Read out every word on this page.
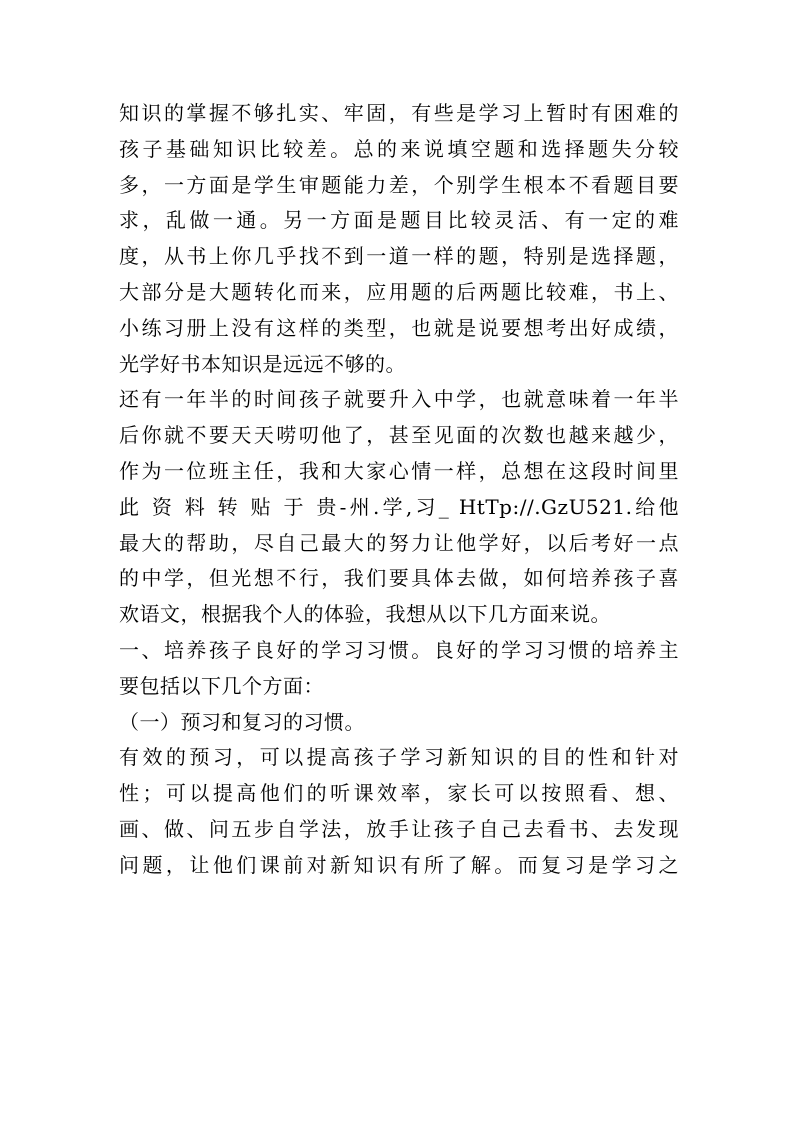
知识的掌握不够扎实、牢固，有些是学习上暂时有困难的
孩子基础知识比较差。总的来说填空题和选择题失分较
多，一方面是学生审题能力差，个别学生根本不看题目要
求，乱做一通。另一方面是题目比较灵活、有一定的难
度，从书上你几乎找不到一道一样的题，特别是选择题，
大部分是大题转化而来，应用题的后两题比较难，书上、
小练习册上没有这样的类型，也就是说要想考出好成绩，
光学好书本知识是远远不够的。
还有一年半的时间孩子就要升入中学，也就意味着一年半
后你就不要天天唠叨他了，甚至见面的次数也越来越少，
作为一位班主任，我和大家心情一样，总想在这段时间里
此 资 料 转 贴 于 贵-州.学,习_ HtTp://.GzU521.给他
最大的帮助，尽自己最大的努力让他学好，以后考好一点
的中学，但光想不行，我们要具体去做，如何培养孩子喜
欢语文，根据我个人的体验，我想从以下几方面来说。
一、培养孩子良好的学习习惯。良好的学习习惯的培养主
要包括以下几个方面：
（一）预习和复习的习惯。
有效的预习，可以提高孩子学习新知识的目的性和针对
性；可以提高他们的听课效率，家长可以按照看、想、
画、做、问五步自学法，放手让孩子自己去看书、去发现
问题，让他们课前对新知识有所了解。而复习是学习之
